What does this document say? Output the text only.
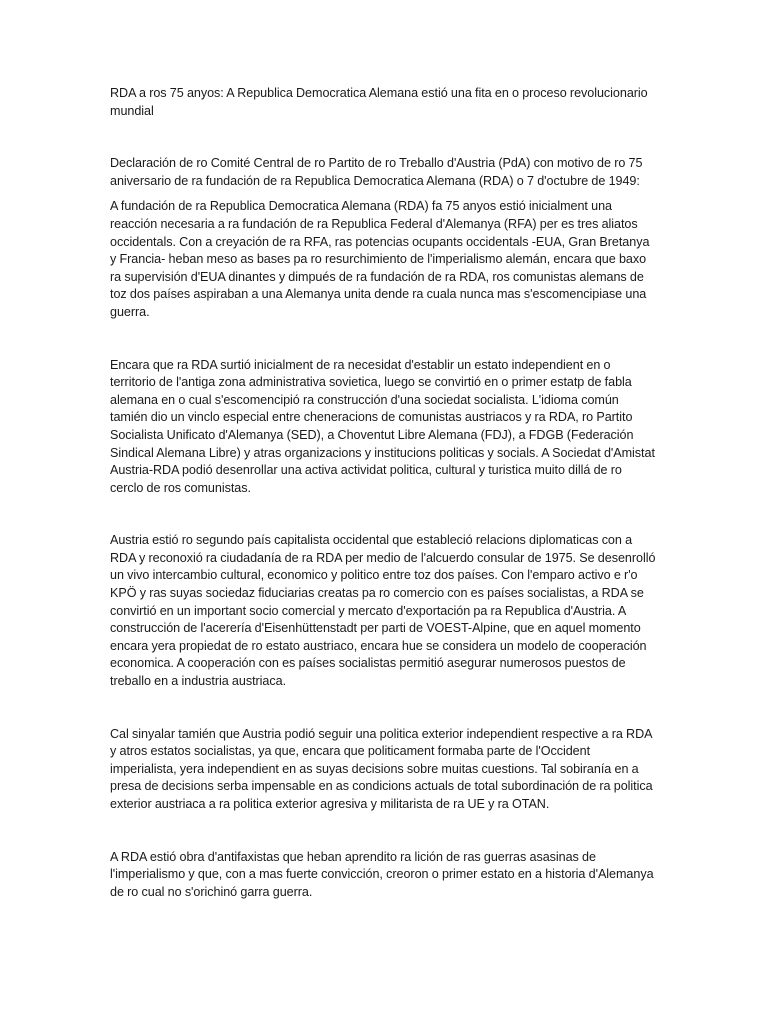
RDA a ros 75 anyos: A Republica Democratica Alemana estió una fita en o proceso revolucionario mundial

Declaración de ro Comité Central de ro Partito de ro Treballo d'Austria (PdA) con motivo de ro 75 aniversario de ra fundación de ra Republica Democratica Alemana (RDA) o 7 d'octubre de 1949:

A fundación de ra Republica Democratica Alemana (RDA) fa 75 anyos estió inicialment una reacción necesaria a ra fundación de ra Republica Federal d'Alemanya (RFA) per es tres aliatos occidentals. Con a creyación de ra RFA, ras potencias ocupants occidentals -EUA, Gran Bretanya y Francia- heban meso as bases pa ro resurchimiento de l'imperialismo alemán, encara que baxo ra supervisión d'EUA dinantes y dimpués de ra fundación de ra RDA, ros comunistas alemans de toz dos países aspiraban a una Alemanya unita dende ra cuala nunca mas s'escomencipiase una guerra.

Encara que ra RDA surtió inicialment de ra necesidat d'establir un estato independient en o territorio de l'antiga zona administrativa sovietica, luego se convirtió en o primer estatp de fabla alemana en o cual s'escomencipió ra construcción d'una sociedat socialista. L'idioma común tamién dio un vinclo especial entre cheneracions de comunistas austriacos y ra RDA, ro Partito Socialista Unificato d'Alemanya (SED), a Choventut Libre Alemana (FDJ), a FDGB (Federación Sindical Alemana Libre) y atras organizacions y institucions politicas y socials. A Sociedat d'Amistat Austria-RDA podió desenrollar una activa actividat politica, cultural y turistica muito dillá de ro cerclo de ros comunistas.

Austria estió ro segundo país capitalista occidental que estableció relacions diplomaticas con a RDA y reconoxió ra ciudadanía de ra RDA per medio de l'alcuerdo consular de 1975. Se desenrolló un vivo intercambio cultural, economico y politico entre toz dos países. Con l'emparo activo e r'o KPÖ y ras suyas sociedaz fiduciarias creatas pa ro comercio con es países socialistas, a RDA se convirtió en un important socio comercial y mercato d'exportación pa ra Republica d'Austria. A construcción de l'acerería d'Eisenhüttenstadt per parti de VOEST-Alpine, que en aquel momento encara yera propiedat de ro estato austriaco, encara hue se considera un modelo de cooperación economica. A cooperación con es países socialistas permitió asegurar numerosos puestos de treballo en a industria austriaca.

Cal sinyalar tamién que Austria podió seguir una politica exterior independient respective a ra RDA y atros estatos socialistas, ya que, encara que politicament formaba parte de l'Occident imperialista, yera independient en as suyas decisions sobre muitas cuestions. Tal sobiranía en a presa de decisions serba impensable en as condicions actuals de total subordinación de ra politica exterior austriaca a ra politica exterior agresiva y militarista de ra UE y ra OTAN.

A RDA estió obra d'antifaxistas que heban aprendito ra lición de ras guerras asasinas de l'imperialismo y que, con a mas fuerte convicción, creoron o primer estato en a historia d'Alemanya de ro cual no s'orichinó garra guerra.
